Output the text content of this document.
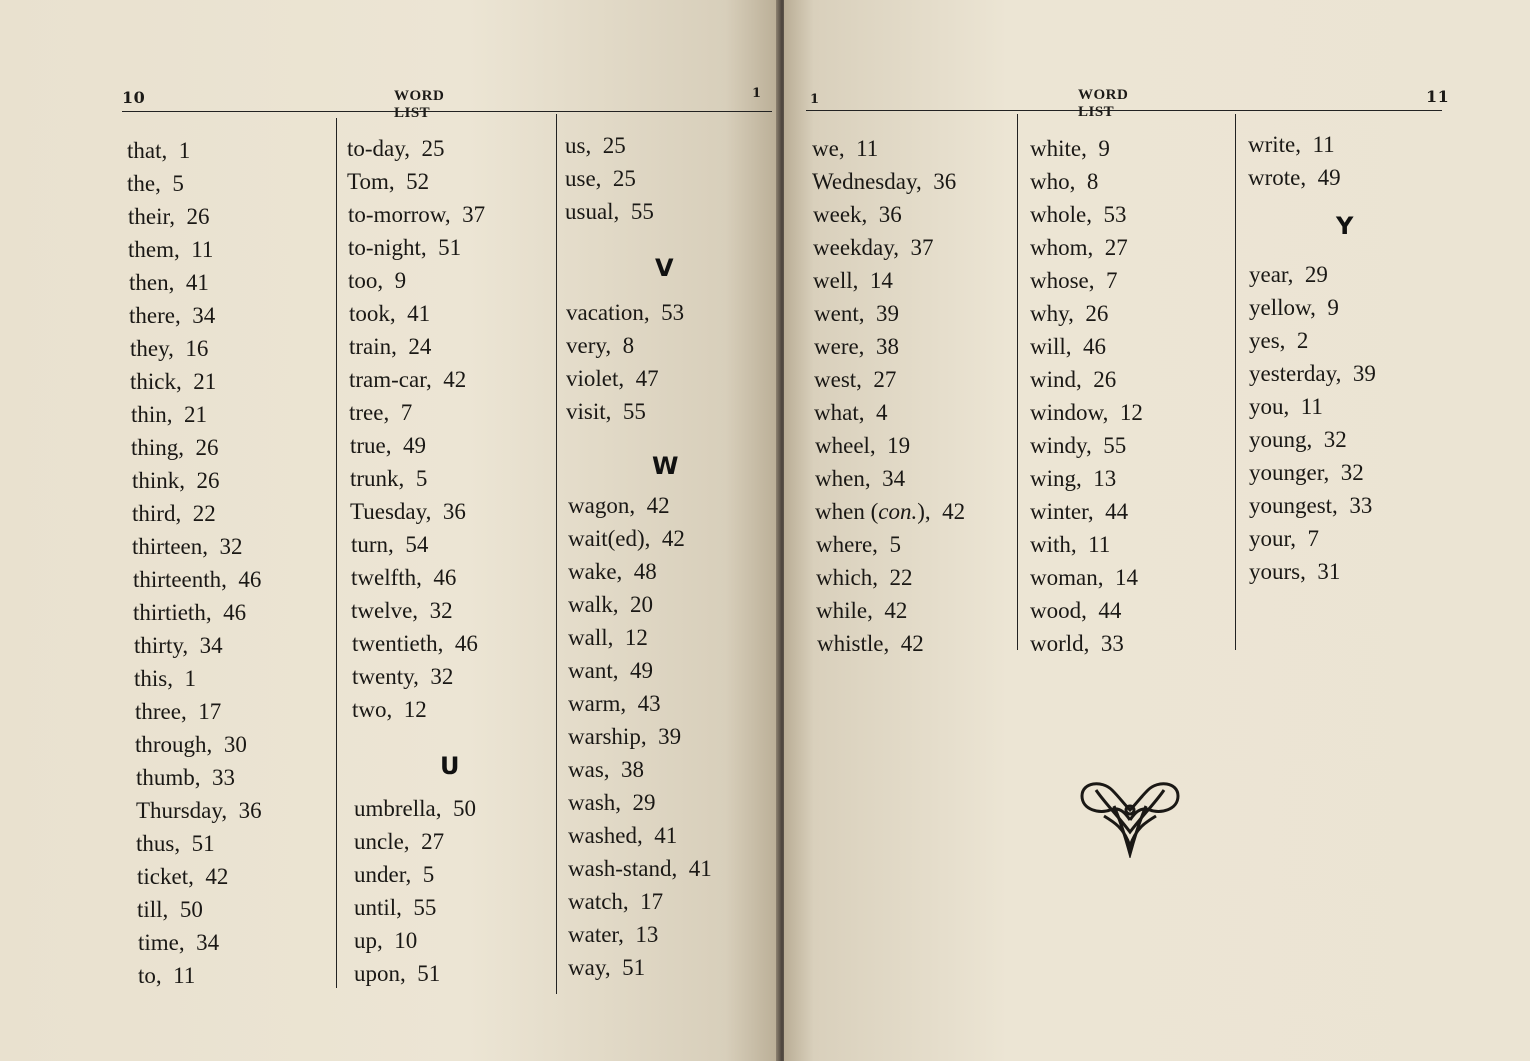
10	WORD LIST
1
that,  1
the,  5
their,  26
them,  11
then,  41
there,  34
they,  16
thick,  21
thin,  21
thing,  26
think,  26
third,  22
thirteen,  32
thirteenth,  46
thirtieth,  46
thirty,  34
this,  1
three,  17
through,  30
thumb,  33
Thursday,  36
thus,  51
ticket,  42
till,  50
time,  34
to,  11
to-day,  25
Tom,  52
to-morrow,  37
to-night,  51
too,  9
took,  41
train,  24
tram-car,  42
tree,  7
true,  49
trunk,  5
Tuesday,  36
turn,  54
twelfth,  46
twelve,  32
twentieth,  46
twenty,  32
two,  12
U
umbrella,  50
uncle,  27
under,  5
until,  55
up,  10
upon,  51
us,  25
use,  25
usual,  55
V
vacation,  53
very,  8
violet,  47
visit,  55
W
wagon,  42
wait(ed),  42
wake,  48
walk,  20
wall,  12
want,  49
warm,  43
warship,  39
was,  38
wash,  29
washed,  41
wash-stand,  41
watch,  17
water,  13
way,  51
1	WORD LIST
11
we,  11
Wednesday,  36
week,  36
weekday,  37
well,  14
went,  39
were,  38
west,  27
what,  4
wheel,  19
when,  34
when (con.),  42
where,  5
which,  22
while,  42
whistle,  42
white,  9
who,  8
whole,  53
whom,  27
whose,  7
why,  26
will,  46
wind,  26
window,  12
windy,  55
wing,  13
winter,  44
with,  11
woman,  14
wood,  44
world,  33
write,  11
wrote,  49
Y
year,  29
yellow,  9
yes,  2
yesterday,  39
you,  11
young,  32
younger,  32
youngest,  33
your,  7
yours,  31
